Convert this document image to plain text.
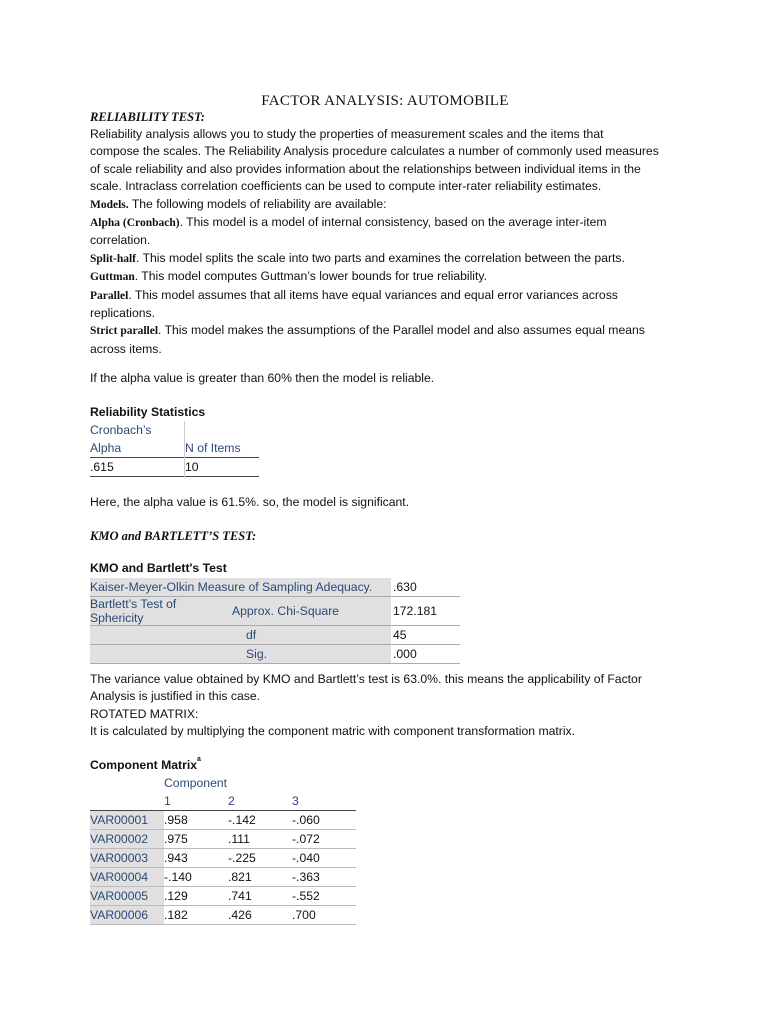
FACTOR ANALYSIS: AUTOMOBILE
RELIABILITY TEST:
Reliability analysis allows you to study the properties of measurement scales and the items that
compose the scales. The Reliability Analysis procedure calculates a number of commonly used measures
of scale reliability and also provides information about the relationships between individual items in the
scale. Intraclass correlation coefficients can be used to compute inter-rater reliability estimates.
Models. The following models of reliability are available:
Alpha (Cronbach). This model is a model of internal consistency, based on the average inter-item
correlation.
Split-half. This model splits the scale into two parts and examines the correlation between the parts.
Guttman. This model computes Guttman’s lower bounds for true reliability.
Parallel. This model assumes that all items have equal variances and equal error variances across
replications.
Strict parallel. This model makes the assumptions of the Parallel model and also assumes equal means
across items.
If the alpha value is greater than 60% then the model is reliable.
Reliability Statistics
Cronbach’s	
Alpha	N of Items
.615	10
Here, the alpha value is 61.5%. so, the model is significant.
KMO and BARTLETT’S TEST:
KMO and Bartlett's Test
Kaiser-Meyer-Olkin Measure of Sampling Adequacy.		.630
Bartlett’s Test of Sphericity	Approx. Chi-Square	172.181
	df	45
	Sig.	.000
The variance value obtained by KMO and Bartlett’s test is 63.0%. this means the applicability of Factor
Analysis is justified in this case.
ROTATED MATRIX:
It is calculated by multiplying the component matric with component transformation matrix.
Component Matrix$^a$
	Component		
	1	2	3
VAR00001	.958	-.142	-.060
VAR00002	.975	.111	-.072
VAR00003	.943	-.225	-.040
VAR00004	-.140	.821	-.363
VAR00005	.129	.741	-.552
VAR00006	.182	.426	.700
